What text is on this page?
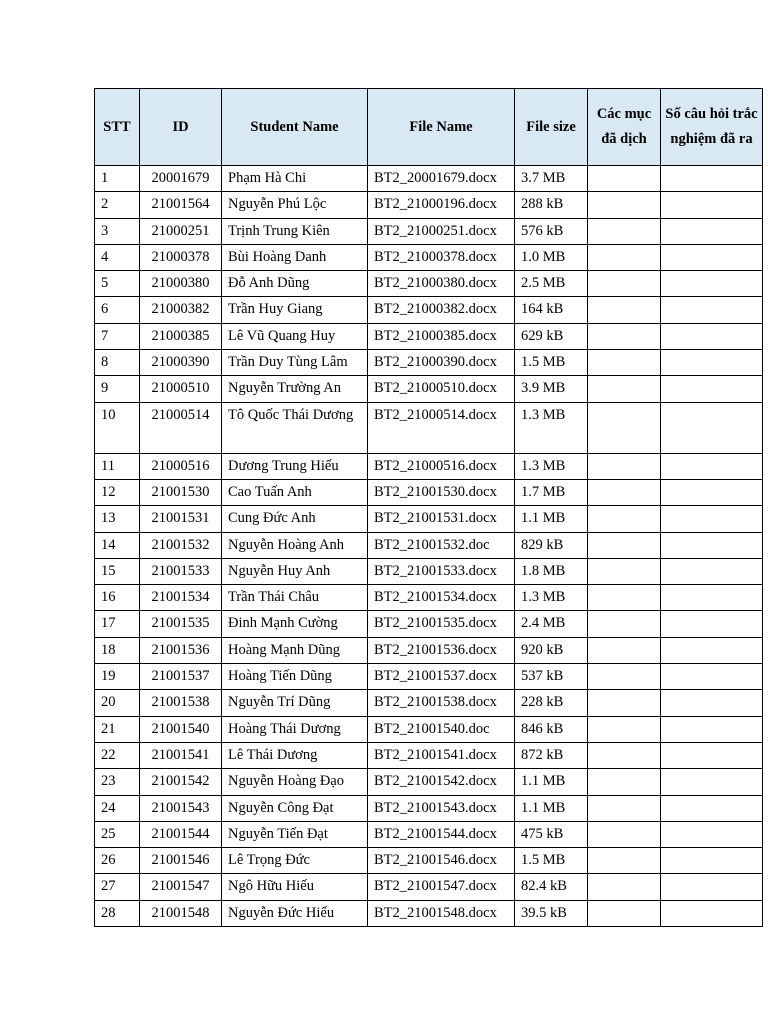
STT	ID	Student Name	File Name	File size	Các mục đã dịch	Số câu hỏi trắc nghiệm đã ra
1	20001679	Phạm Hà Chi	BT2_20001679.docx	3.7 MB		
2	21001564	Nguyễn Phú Lộc	BT2_21000196.docx	288 kB		
3	21000251	Trịnh Trung Kiên	BT2_21000251.docx	576 kB		
4	21000378	Bùi Hoàng Danh	BT2_21000378.docx	1.0 MB		
5	21000380	Đỗ Anh Dũng	BT2_21000380.docx	2.5 MB		
6	21000382	Trần Huy Giang	BT2_21000382.docx	164 kB		
7	21000385	Lê Vũ Quang Huy	BT2_21000385.docx	629 kB		
8	21000390	Trần Duy Tùng Lâm	BT2_21000390.docx	1.5 MB		
9	21000510	Nguyễn Trường An	BT2_21000510.docx	3.9 MB		
10	21000514	Tô Quốc Thái Dương	BT2_21000514.docx	1.3 MB		
11	21000516	Dương Trung Hiếu	BT2_21000516.docx	1.3 MB		
12	21001530	Cao Tuấn Anh	BT2_21001530.docx	1.7 MB		
13	21001531	Cung Đức Anh	BT2_21001531.docx	1.1 MB		
14	21001532	Nguyễn Hoàng Anh	BT2_21001532.doc	829 kB		
15	21001533	Nguyễn Huy Anh	BT2_21001533.docx	1.8 MB		
16	21001534	Trần Thái Châu	BT2_21001534.docx	1.3 MB		
17	21001535	Đinh Mạnh Cường	BT2_21001535.docx	2.4 MB		
18	21001536	Hoàng Mạnh Dũng	BT2_21001536.docx	920 kB		
19	21001537	Hoàng Tiến Dũng	BT2_21001537.docx	537 kB		
20	21001538	Nguyễn Trí Dũng	BT2_21001538.docx	228 kB		
21	21001540	Hoàng Thái Dương	BT2_21001540.doc	846 kB		
22	21001541	Lê Thái Dương	BT2_21001541.docx	872 kB		
23	21001542	Nguyễn Hoàng Đạo	BT2_21001542.docx	1.1 MB		
24	21001543	Nguyễn Công Đạt	BT2_21001543.docx	1.1 MB		
25	21001544	Nguyễn Tiến Đạt	BT2_21001544.docx	475 kB		
26	21001546	Lê Trọng Đức	BT2_21001546.docx	1.5 MB		
27	21001547	Ngô Hữu Hiếu	BT2_21001547.docx	82.4 kB		
28	21001548	Nguyễn Đức Hiếu	BT2_21001548.docx	39.5 kB		
